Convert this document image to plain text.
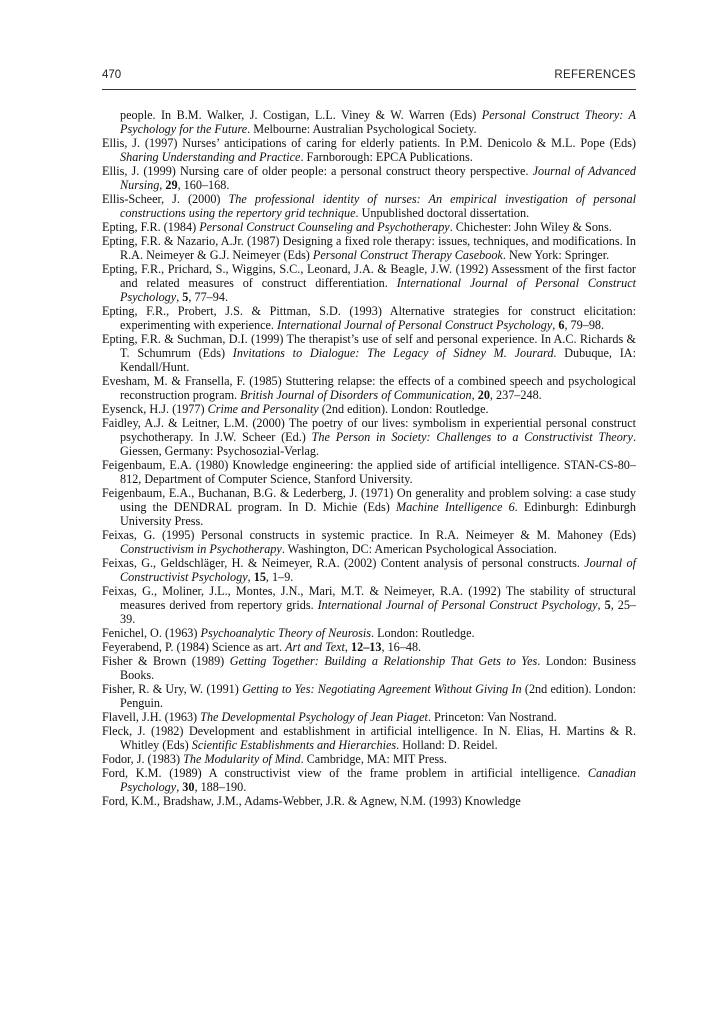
470	REFERENCES

people. In B.M. Walker, J. Costigan, L.L. Viney & W. Warren (Eds) Personal Construct Theory: A Psychology for the Future. Melbourne: Australian Psychological Society.

Ellis, J. (1997) Nurses’ anticipations of caring for elderly patients. In P.M. Denicolo & M.L. Pope (Eds) Sharing Understanding and Practice. Farnborough: EPCA Publications.

Ellis, J. (1999) Nursing care of older people: a personal construct theory perspective. Journal of Advanced Nursing, 29, 160–168.

Ellis-Scheer, J. (2000) The professional identity of nurses: An empirical investigation of personal constructions using the repertory grid technique. Unpublished doctoral dissertation.

Epting, F.R. (1984) Personal Construct Counseling and Psychotherapy. Chichester: John Wiley & Sons.

Epting, F.R. & Nazario, A.Jr. (1987) Designing a fixed role therapy: issues, techniques, and modifications. In R.A. Neimeyer & G.J. Neimeyer (Eds) Personal Construct Therapy Casebook. New York: Springer.

Epting, F.R., Prichard, S., Wiggins, S.C., Leonard, J.A. & Beagle, J.W. (1992) Assessment of the first factor and related measures of construct differentiation. International Journal of Personal Construct Psychology, 5, 77–94.

Epting, F.R., Probert, J.S. & Pittman, S.D. (1993) Alternative strategies for construct elicitation: experimenting with experience. International Journal of Personal Construct Psychology, 6, 79–98.

Epting, F.R. & Suchman, D.I. (1999) The therapist’s use of self and personal experience. In A.C. Richards & T. Schumrum (Eds) Invitations to Dialogue: The Legacy of Sidney M. Jourard. Dubuque, IA: Kendall/Hunt.

Evesham, M. & Fransella, F. (1985) Stuttering relapse: the effects of a combined speech and psychological reconstruction program. British Journal of Disorders of Communication, 20, 237–248.

Eysenck, H.J. (1977) Crime and Personality (2nd edition). London: Routledge.

Faidley, A.J. & Leitner, L.M. (2000) The poetry of our lives: symbolism in experiential personal construct psychotherapy. In J.W. Scheer (Ed.) The Person in Society: Challenges to a Constructivist Theory. Giessen, Germany: Psychosozial-Verlag.

Feigenbaum, E.A. (1980) Knowledge engineering: the applied side of artificial intelligence. STAN-CS-80–812, Department of Computer Science, Stanford University.

Feigenbaum, E.A., Buchanan, B.G. & Lederberg, J. (1971) On generality and problem solving: a case study using the DENDRAL program. In D. Michie (Eds) Machine Intelligence 6. Edinburgh: Edinburgh University Press.

Feixas, G. (1995) Personal constructs in systemic practice. In R.A. Neimeyer & M. Mahoney (Eds) Constructivism in Psychotherapy. Washington, DC: American Psychological Association.

Feixas, G., Geldschläger, H. & Neimeyer, R.A. (2002) Content analysis of personal constructs. Journal of Constructivist Psychology, 15, 1–9.

Feixas, G., Moliner, J.L., Montes, J.N., Mari, M.T. & Neimeyer, R.A. (1992) The stability of structural measures derived from repertory grids. International Journal of Personal Construct Psychology, 5, 25–39.

Fenichel, O. (1963) Psychoanalytic Theory of Neurosis. London: Routledge.

Feyerabend, P. (1984) Science as art. Art and Text, 12–13, 16–48.

Fisher & Brown (1989) Getting Together: Building a Relationship That Gets to Yes. London: Business Books.

Fisher, R. & Ury, W. (1991) Getting to Yes: Negotiating Agreement Without Giving In (2nd edition). London: Penguin.

Flavell, J.H. (1963) The Developmental Psychology of Jean Piaget. Princeton: Van Nostrand.

Fleck, J. (1982) Development and establishment in artificial intelligence. In N. Elias, H. Martins & R. Whitley (Eds) Scientific Establishments and Hierarchies. Holland: D. Reidel.

Fodor, J. (1983) The Modularity of Mind. Cambridge, MA: MIT Press.

Ford, K.M. (1989) A constructivist view of the frame problem in artificial intelligence. Canadian Psychology, 30, 188–190.

Ford, K.M., Bradshaw, J.M., Adams-Webber, J.R. & Agnew, N.M. (1993) Knowledge
